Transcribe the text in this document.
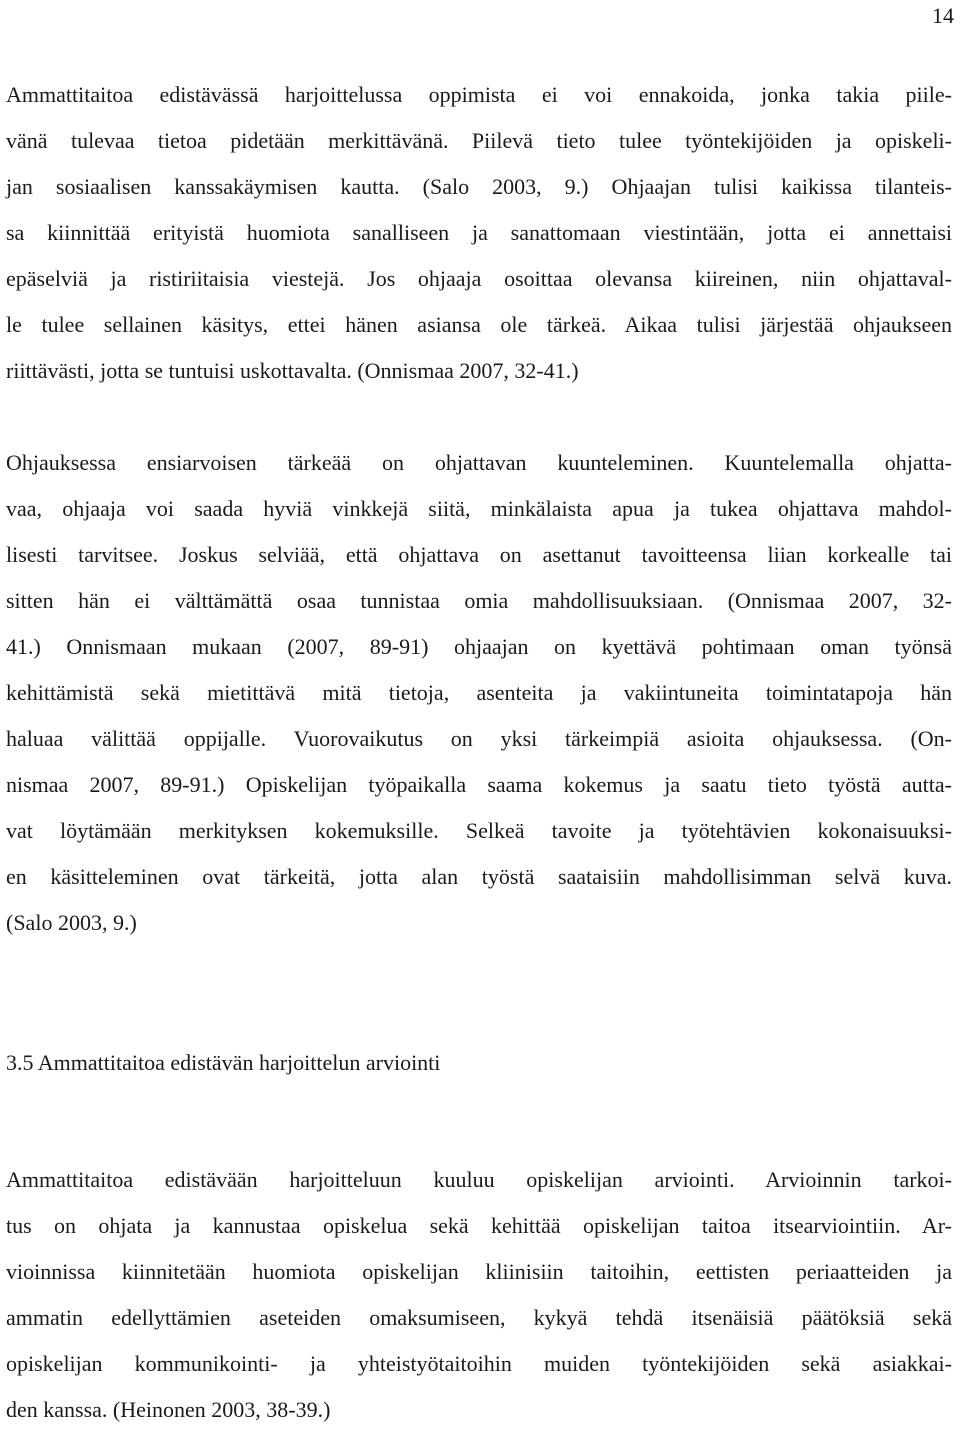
14
Ammattitaitoa edistävässä harjoittelussa oppimista ei voi ennakoida, jonka takia piile-
vänä tulevaa tietoa pidetään merkittävänä. Piilevä tieto tulee työntekijöiden ja opiskeli-
jan sosiaalisen kanssakäymisen kautta. (Salo 2003, 9.) Ohjaajan tulisi kaikissa tilanteis-
sa kiinnittää erityistä huomiota sanalliseen ja sanattomaan viestintään, jotta ei annettaisi
epäselviä ja ristiriitaisia viestejä. Jos ohjaaja osoittaa olevansa kiireinen, niin ohjattaval-
le tulee sellainen käsitys, ettei hänen asiansa ole tärkeä. Aikaa tulisi järjestää ohjaukseen
riittävästi, jotta se tuntuisi uskottavalta. (Onnismaa 2007, 32-41.)
Ohjauksessa ensiarvoisen tärkeää on ohjattavan kuunteleminen. Kuuntelemalla ohjatta-
vaa, ohjaaja voi saada hyviä vinkkejä siitä, minkälaista apua ja tukea ohjattava mahdol-
lisesti tarvitsee. Joskus selviää, että ohjattava on asettanut tavoitteensa liian korkealle tai
sitten hän ei välttämättä osaa tunnistaa omia mahdollisuuksiaan. (Onnismaa 2007, 32-
41.) Onnismaan mukaan (2007, 89-91) ohjaajan on kyettävä pohtimaan oman työnsä
kehittämistä sekä mietittävä mitä tietoja, asenteita ja vakiintuneita toimintatapoja hän
haluaa välittää oppijalle. Vuorovaikutus on yksi tärkeimpiä asioita ohjauksessa. (On-
nismaa 2007, 89-91.) Opiskelijan työpaikalla saama kokemus ja saatu tieto työstä autta-
vat löytämään merkityksen kokemuksille. Selkeä tavoite ja työtehtävien kokonaisuuksi-
en käsitteleminen ovat tärkeitä, jotta alan työstä saataisiin mahdollisimman selvä kuva.
(Salo 2003, 9.)
3.5 Ammattitaitoa edistävän harjoittelun arviointi
Ammattitaitoa edistävään harjoitteluun kuuluu opiskelijan arviointi. Arvioinnin tarkoi-
tus on ohjata ja kannustaa opiskelua sekä kehittää opiskelijan taitoa itsearviointiin. Ar-
vioinnissa kiinnitetään huomiota opiskelijan kliinisiin taitoihin, eettisten periaatteiden ja
ammatin edellyttämien aseteiden omaksumiseen, kykyä tehdä itsenäisiä päätöksiä sekä
opiskelijan kommunikointi- ja yhteistyötaitoihin muiden työntekijöiden sekä asiakkai-
den kanssa. (Heinonen 2003, 38-39.)
